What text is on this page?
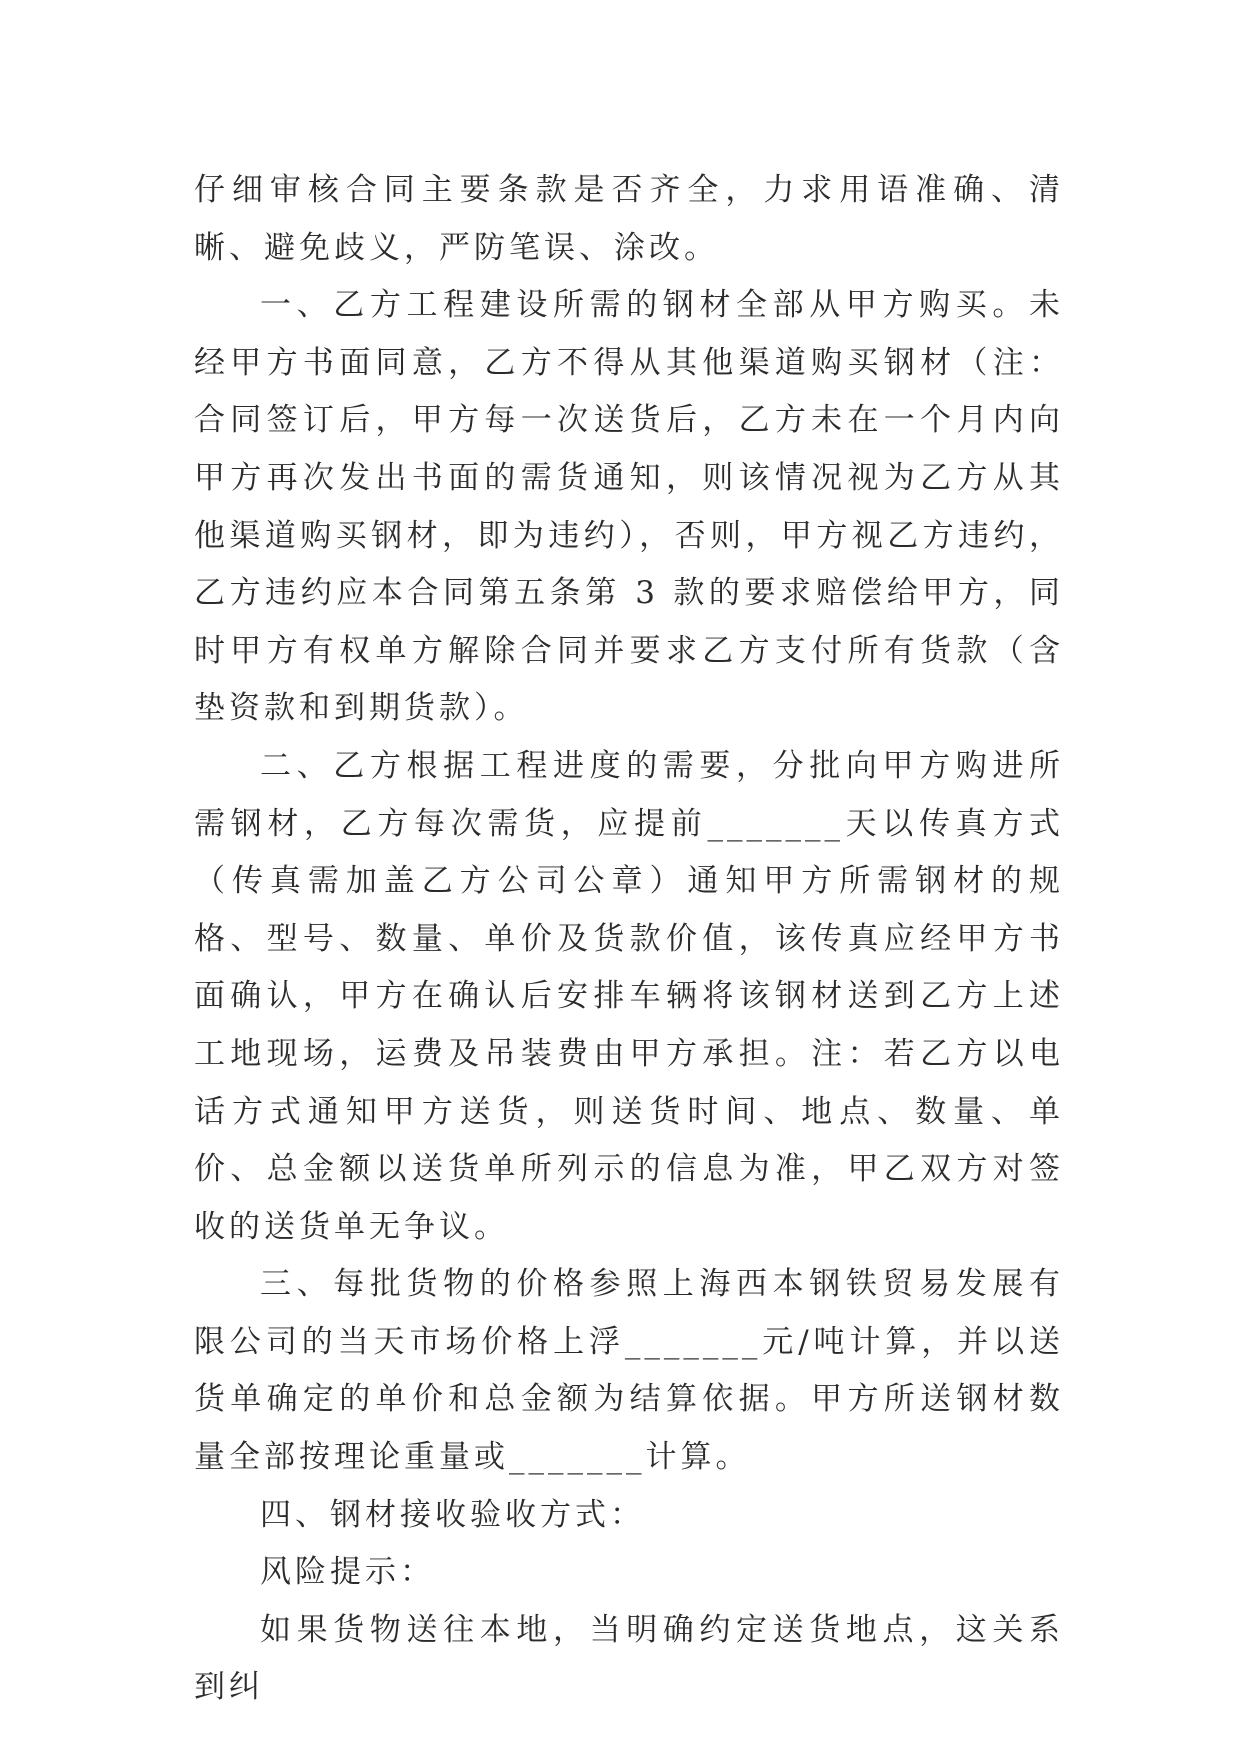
仔细审核合同主要条款是否齐全，力求用语准确、清晰、避免歧义，严防笔误、涂改。

一、乙方工程建设所需的钢材全部从甲方购买。未经甲方书面同意，乙方不得从其他渠道购买钢材（注：合同签订后，甲方每一次送货后，乙方未在一个月内向甲方再次发出书面的需货通知，则该情况视为乙方从其他渠道购买钢材，即为违约），否则，甲方视乙方违约，乙方违约应本合同第五条第 3 款的要求赔偿给甲方，同时甲方有权单方解除合同并要求乙方支付所有货款（含垫资款和到期货款）。

二、乙方根据工程进度的需要，分批向甲方购进所需钢材，乙方每次需货，应提前_______天以传真方式（传真需加盖乙方公司公章）通知甲方所需钢材的规格、型号、数量、单价及货款价值，该传真应经甲方书面确认，甲方在确认后安排车辆将该钢材送到乙方上述工地现场，运费及吊装费由甲方承担。注：若乙方以电话方式通知甲方送货，则送货时间、地点、数量、单价、总金额以送货单所列示的信息为准，甲乙双方对签收的送货单无争议。

三、每批货物的价格参照上海西本钢铁贸易发展有限公司的当天市场价格上浮_______元/吨计算，并以送货单确定的单价和总金额为结算依据。甲方所送钢材数量全部按理论重量或_______计算。

四、钢材接收验收方式：

风险提示：

如果货物送往本地，当明确约定送货地点，这关系到纠
